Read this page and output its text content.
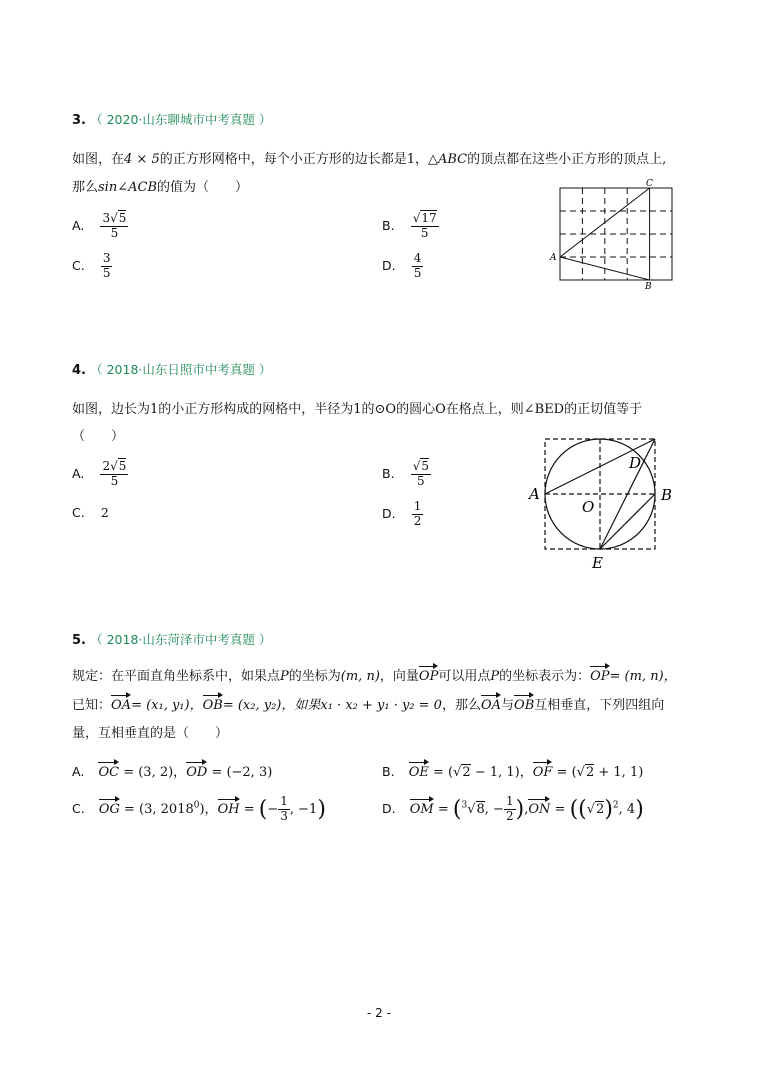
3. （ 2020·山东聊城市中考真题 ）
如图，在4 × 5的正方形网格中，每个小正方形的边长都是1，△ABC的顶点都在这些小正方形的顶点上,
那么sin∠ACB的值为（　　）
A. $\frac{3√5}{5}$	B. $\frac{√17}{5}$
C. $\frac{3}{5}$	D. $\frac{4}{5}$	A
B
C
4. （ 2018·山东日照市中考真题 ）
如图，边长为1的小正方形构成的网格中，半径为1的⊙O的圆心O在格点上，则∠BED的正切值等于
（　　）
A. $\frac{2√5}{5}$	B. $\frac{√5}{5}$
C. 2	D. $\frac{1}{2}$
A	B
D
E
O
5. （ 2018·山东菏泽市中考真题 ）
规定：在平面直角坐标系中，如果点P的坐标为(m, n)，向量OP可以用点P的坐标表示为：OP= (m, n)，
已知：OA= (x₁, y₁)，OB= (x₂, y₂)，如果x₁ · x₂ + y₁ · y₂ = 0，那么OA与OB互相垂直，下列四组向
量，互相垂直的是（　　）
A. OC = (3, 2)，OD = (−2, 3)	B. OE = (√2 − 1, 1)，OF = (√2 + 1, 1)
C. OG = (3, 2018$^0$)，OH = (− $\frac{1}{3}$ , −1)	D. OM = ($^3$√8, − $\frac{1}{2} ),ON = ((√2)^2$, 4)
- 2 -
